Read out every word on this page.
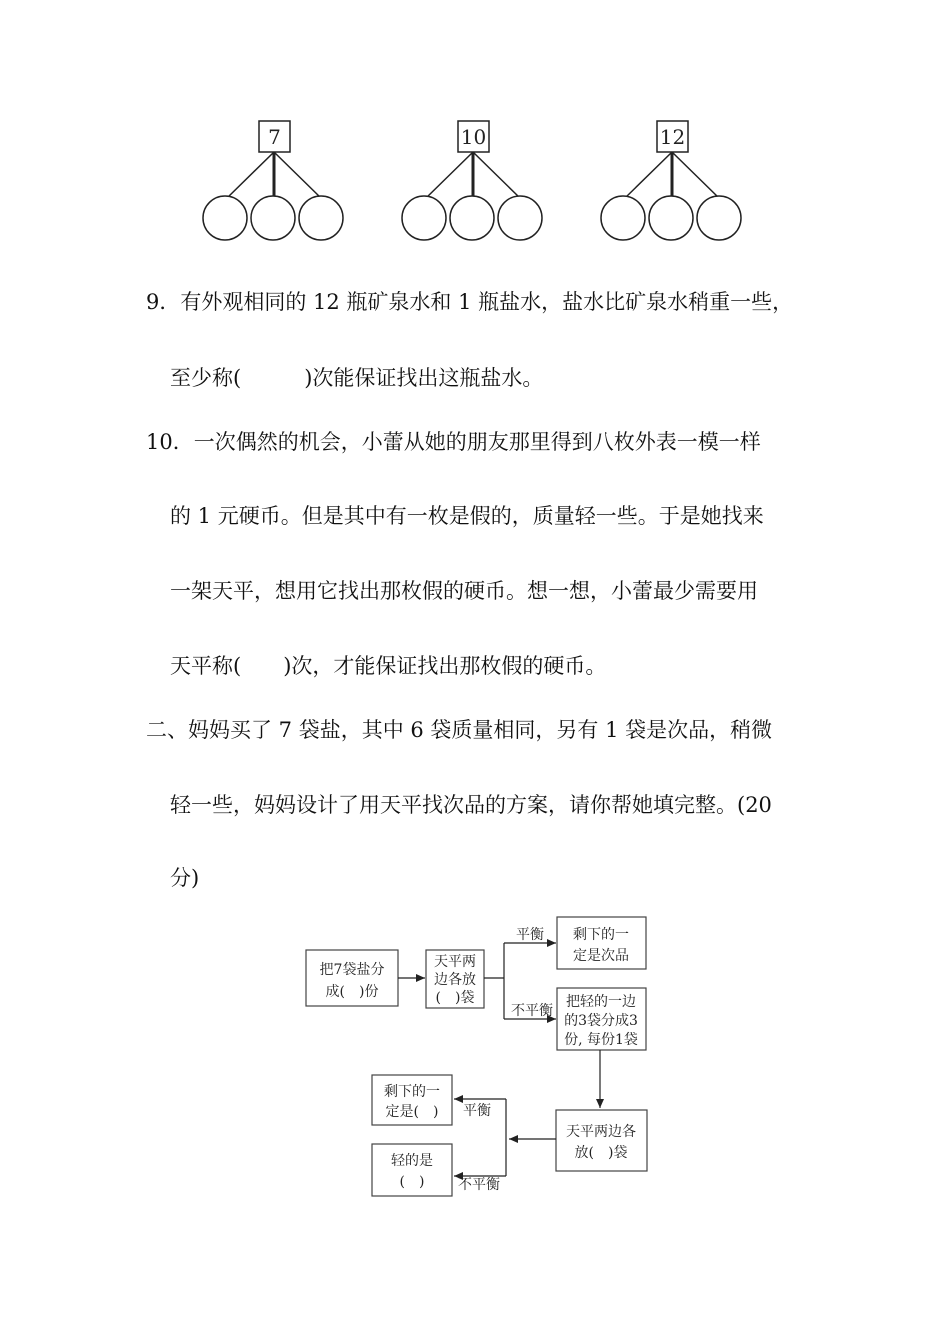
7	10	12
9．有外观相同的 12 瓶矿泉水和 1 瓶盐水，盐水比矿泉水稍重一些，
至少称(　　　)次能保证找出这瓶盐水。
10．一次偶然的机会，小蕾从她的朋友那里得到八枚外表一模一样
的 1 元硬币。但是其中有一枚是假的，质量轻一些。于是她找来
一架天平，想用它找出那枚假的硬币。想一想，小蕾最少需要用
天平称(　　)次，才能保证找出那枚假的硬币。
二、妈妈买了 7 袋盐，其中 6 袋质量相同，另有 1 袋是次品，稍微
轻一些，妈妈设计了用天平找次品的方案，请你帮她填完整。(20
分)
把7袋盐分
成(　)份
天平两
边各放
(　)袋
平衡
不平衡
剩下的一
定是次品
把轻的一边
的3袋分成3
份, 每份1袋
天平两边各
放(　)袋
平衡
不平衡
剩下的一
定是(　)
轻的是
(　)
